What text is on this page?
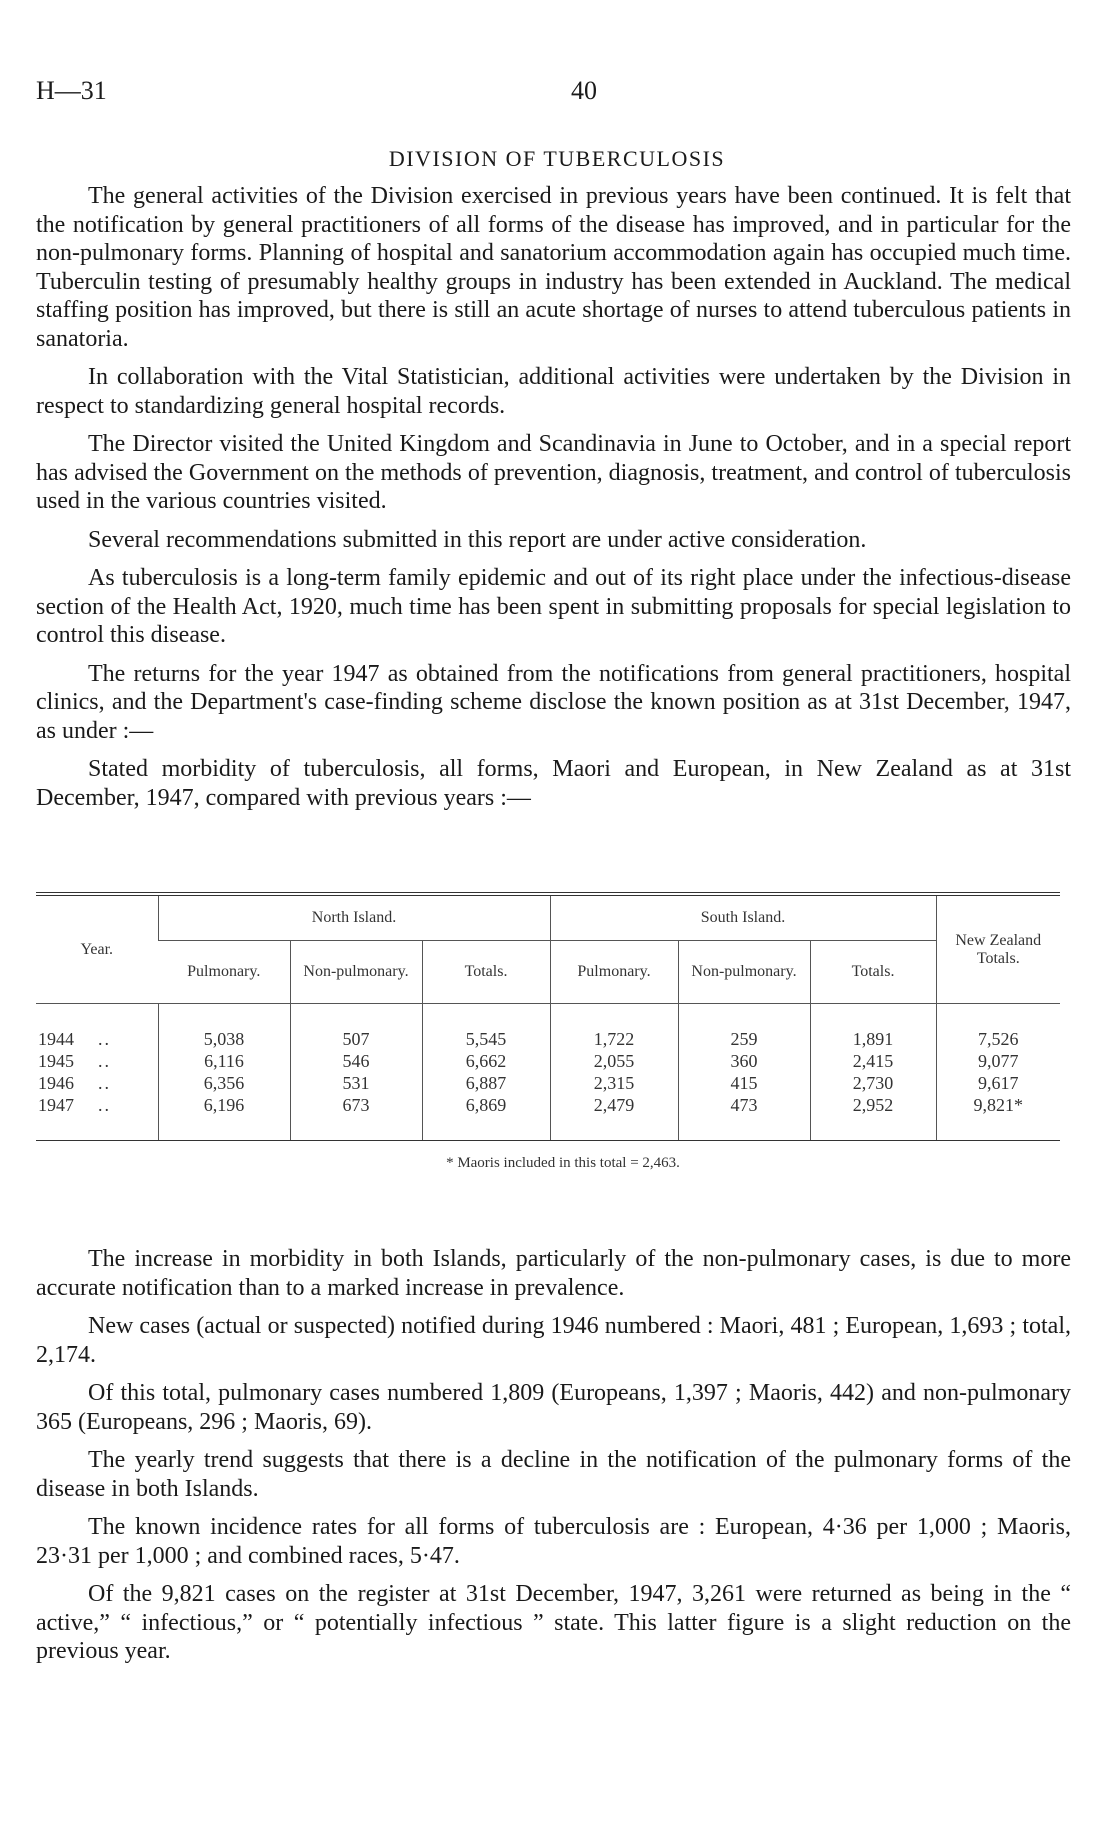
H—31	40
DIVISION OF TUBERCULOSIS

The general activities of the Division exercised in previous years have been continued. It is felt that the notification by general practitioners of all forms of the disease has improved, and in particular for the non-pulmonary forms. Planning of hospital and sanatorium accommodation again has occupied much time. Tuberculin testing of presumably healthy groups in industry has been extended in Auckland. The medical staffing position has improved, but there is still an acute shortage of nurses to attend tuberculous patients in sanatoria.

In collaboration with the Vital Statistician, additional activities were undertaken by the Division in respect to standardizing general hospital records.

The Director visited the United Kingdom and Scandinavia in June to October, and in a special report has advised the Government on the methods of prevention, diagnosis, treatment, and control of tuberculosis used in the various countries visited.

Several recommendations submitted in this report are under active consideration.

As tuberculosis is a long-term family epidemic and out of its right place under the infectious-disease section of the Health Act, 1920, much time has been spent in submitting proposals for special legislation to control this disease.

The returns for the year 1947 as obtained from the notifications from general practitioners, hospital clinics, and the Department's case-finding scheme disclose the known position as at 31st December, 1947, as under :—

Stated morbidity of tuberculosis, all forms, Maori and European, in New Zealand as at 31st December, 1947, compared with previous years :—

Year.	North Island.			South Island.			New Zealand Totals.
	Pulmonary.	Non-pulmonary.	Totals.	Pulmonary.	Non-pulmonary.	Totals.	
1944 ..	5,038	507	5,545	1,722	259	1,891	7,526
1945 ..	6,116	546	6,662	2,055	360	2,415	9,077
1946 ..	6,356	531	6,887	2,315	415	2,730	9,617
1947 ..	6,196	673	6,869	2,479	473	2,952	9,821*
* Maoris included in this total = 2,463.

The increase in morbidity in both Islands, particularly of the non-pulmonary cases, is due to more accurate notification than to a marked increase in prevalence.

New cases (actual or suspected) notified during 1946 numbered : Maori, 481 ; European, 1,693 ; total, 2,174.

Of this total, pulmonary cases numbered 1,809 (Europeans, 1,397 ; Maoris, 442) and non-pulmonary 365 (Europeans, 296 ; Maoris, 69).

The yearly trend suggests that there is a decline in the notification of the pulmonary forms of the disease in both Islands.

The known incidence rates for all forms of tuberculosis are : European, 4·36 per 1,000 ; Maoris, 23·31 per 1,000 ; and combined races, 5·47.

Of the 9,821 cases on the register at 31st December, 1947, 3,261 were returned as being in the “ active,” “ infectious,” or “ potentially infectious ” state. This latter figure is a slight reduction on the previous year.
